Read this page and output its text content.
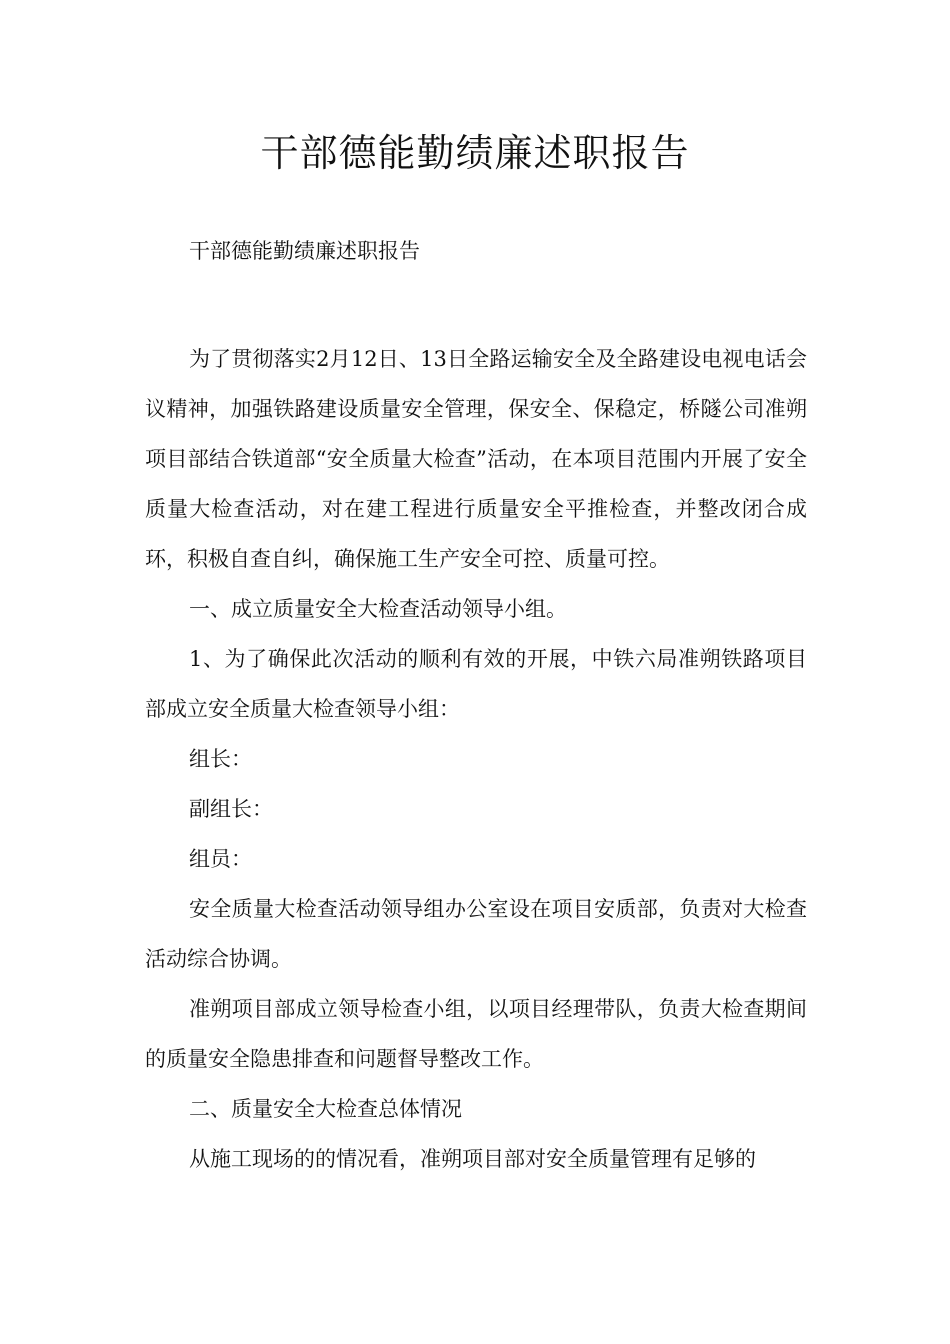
干部德能勤绩廉述职报告

干部德能勤绩廉述职报告

为了贯彻落实2月12日、13日全路运输安全及全路建设电视电话会议精神，加强铁路建设质量安全管理，保安全、保稳定，桥隧公司准朔项目部结合铁道部“安全质量大检查”活动，在本项目范围内开展了安全质量大检查活动，对在建工程进行质量安全平推检查，并整改闭合成环，积极自查自纠，确保施工生产安全可控、质量可控。

一、成立质量安全大检查活动领导小组。

1、为了确保此次活动的顺利有效的开展，中铁六局准朔铁路项目部成立安全质量大检查领导小组：

组长：

副组长：

组员：

安全质量大检查活动领导组办公室设在项目安质部，负责对大检查活动综合协调。

准朔项目部成立领导检查小组，以项目经理带队，负责大检查期间的质量安全隐患排查和问题督导整改工作。

二、质量安全大检查总体情况

从施工现场的的情况看，准朔项目部对安全质量管理有足够的
